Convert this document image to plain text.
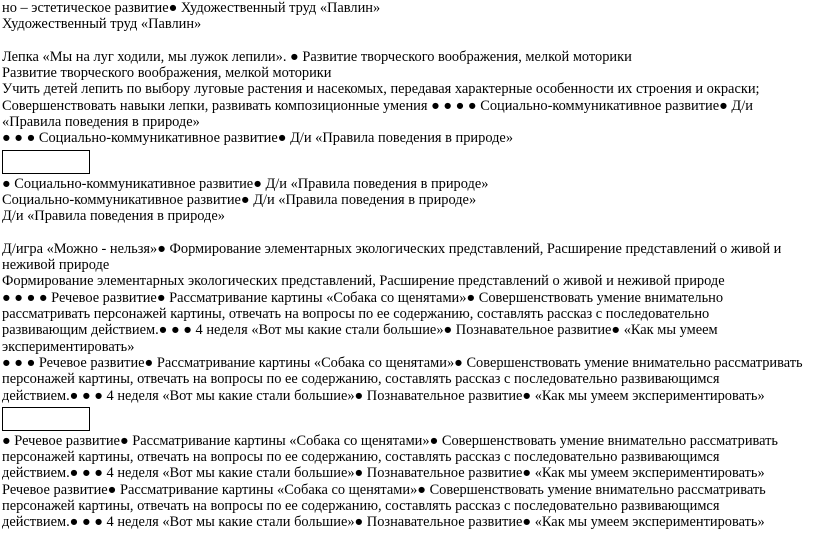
но – эстетическое развитие● Художественный труд «Павлин»
Художественный труд «Павлин»
Лепка «Мы на луг ходили, мы лужок лепили». ● Развитие творческого воображения, мелкой моторики
Развитие творческого воображения, мелкой моторики
Учить детей лепить по выбору луговые растения и насекомых, передавая характерные особенности их строения и окраски;
Совершенствовать навыки лепки, развивать композиционные умения ● ● ● ● Социально-коммуникативное развитие● Д/и
«Правила поведения в природе»
● ● ● Социально-коммуникативное развитие● Д/и «Правила поведения в природе»
● Социально-коммуникативное развитие● Д/и «Правила поведения в природе»
Социально-коммуникативное развитие● Д/и «Правила поведения в природе»
Д/и «Правила поведения в природе»
Д/игра «Можно - нельзя»● Формирование элементарных экологических представлений, Расширение представлений о живой и
неживой природе
Формирование элементарных экологических представлений, Расширение представлений о живой и неживой природе
● ● ● ● Речевое развитие● Рассматривание картины «Собака со щенятами»● Совершенствовать умение внимательно
рассматривать персонажей картины, отвечать на вопросы по ее содержанию, составлять рассказ с последовательно
развивающим действием.● ● ● 4 неделя «Вот мы какие стали большие»● Познавательное развитие● «Как мы умеем
экспериментировать»
● ● ● Речевое развитие● Рассматривание картины «Собака со щенятами»● Совершенствовать умение внимательно рассматривать
персонажей картины, отвечать на вопросы по ее содержанию, составлять рассказ с последовательно развивающимся
действием.● ● ● 4 неделя «Вот мы какие стали большие»● Познавательное развитие● «Как мы умеем экспериментировать»
● Речевое развитие● Рассматривание картины «Собака со щенятами»● Совершенствовать умение внимательно рассматривать
персонажей картины, отвечать на вопросы по ее содержанию, составлять рассказ с последовательно развивающимся
действием.● ● ● 4 неделя «Вот мы какие стали большие»● Познавательное развитие● «Как мы умеем экспериментировать»
Речевое развитие● Рассматривание картины «Собака со щенятами»● Совершенствовать умение внимательно рассматривать
персонажей картины, отвечать на вопросы по ее содержанию, составлять рассказ с последовательно развивающимся
действием.● ● ● 4 неделя «Вот мы какие стали большие»● Познавательное развитие● «Как мы умеем экспериментировать»
